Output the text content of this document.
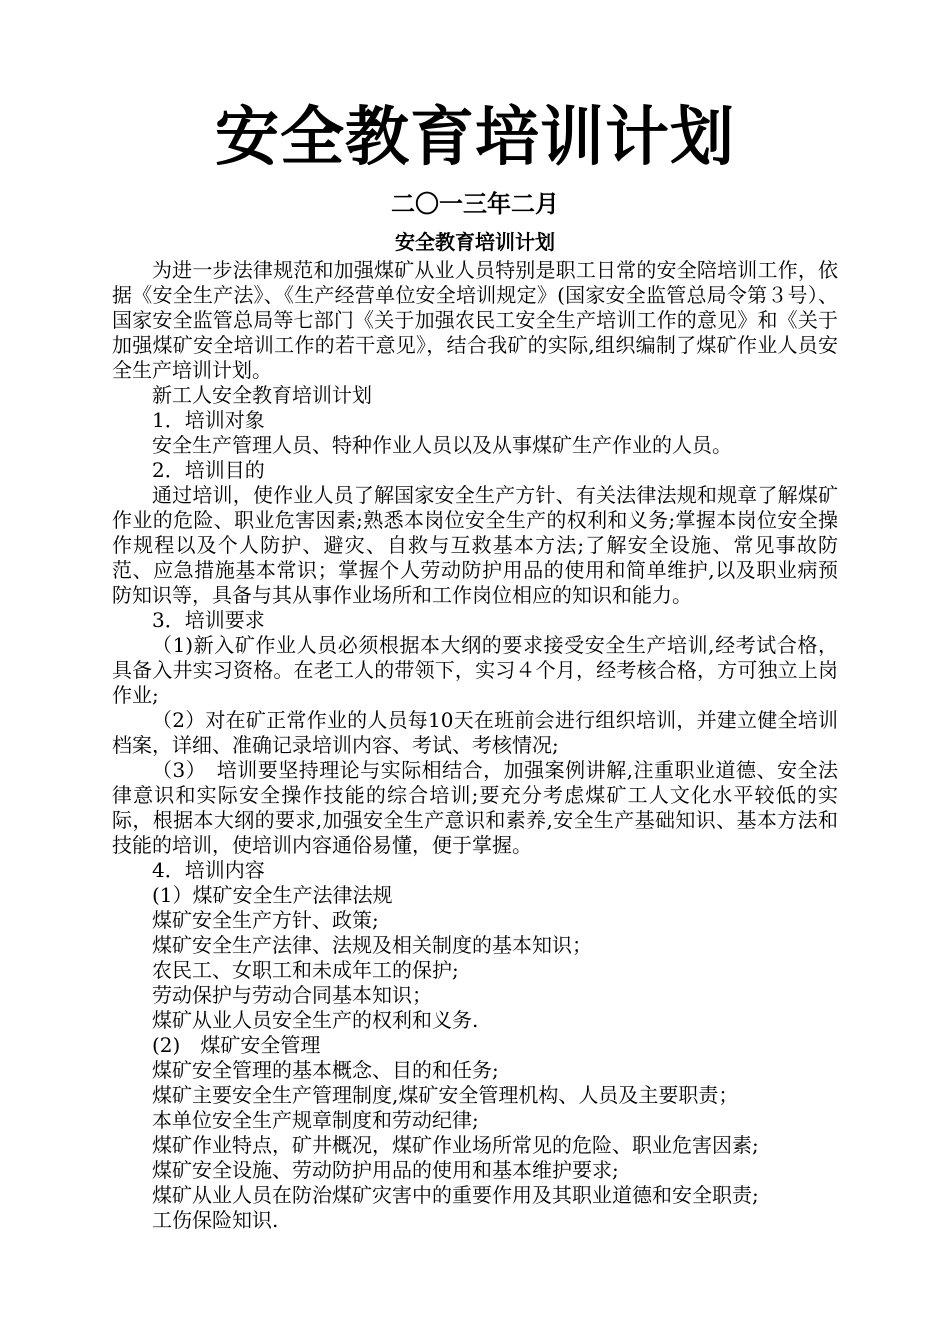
安全教育培训计划
二〇一三年二月
安全教育培训计划

为进一步法律规范和加强煤矿从业人员特别是职工日常的安全陪培训工作，依据《安全生产法》、《生产经营单位安全培训规定》(国家安全监管总局令第３号）、国家安全监管总局等七部门《关于加强农民工安全生产培训工作的意见》和《关于加强煤矿安全培训工作的若干意见》，结合我矿的实际,组织编制了煤矿作业人员安全生产培训计划。

新工人安全教育培训计划

1．培训对象

安全生产管理人员、特种作业人员以及从事煤矿生产作业的人员。

2．培训目的

通过培训，使作业人员了解国家安全生产方针、有关法律法规和规章了解煤矿作业的危险、职业危害因素;熟悉本岗位安全生产的权利和义务;掌握本岗位安全操作规程以及个人防护、避灾、自救与互救基本方法;了解安全设施、常见事故防范、应急措施基本常识；掌握个人劳动防护用品的使用和简单维护,以及职业病预防知识等，具备与其从事作业场所和工作岗位相应的知识和能力。

3．培训要求

（1)新入矿作业人员必须根据本大纲的要求接受安全生产培训,经考试合格，具备入井实习资格。在老工人的带领下，实习４个月，经考核合格，方可独立上岗作业;

（2）对在矿正常作业的人员每10天在班前会进行组织培训，并建立健全培训档案，详细、准确记录培训内容、考试、考核情况;

（3）　培训要坚持理论与实际相结合，加强案例讲解,注重职业道德、安全法律意识和实际安全操作技能的综合培训;要充分考虑煤矿工人文化水平较低的实际，根据本大纲的要求,加强安全生产意识和素养,安全生产基础知识、基本方法和技能的培训，使培训内容通俗易懂，便于掌握。

4．培训内容

(1）煤矿安全生产法律法规

煤矿安全生产方针、政策;

煤矿安全生产法律、法规及相关制度的基本知识；

农民工、女职工和未成年工的保护;

劳动保护与劳动合同基本知识；

煤矿从业人员安全生产的权利和义务.

(2)　煤矿安全管理

煤矿安全管理的基本概念、目的和任务;

煤矿主要安全生产管理制度,煤矿安全管理机构、人员及主要职责；

本单位安全生产规章制度和劳动纪律;

煤矿作业特点，矿井概况，煤矿作业场所常见的危险、职业危害因素;

煤矿安全设施、劳动防护用品的使用和基本维护要求;

煤矿从业人员在防治煤矿灾害中的重要作用及其职业道德和安全职责;

工伤保险知识.
